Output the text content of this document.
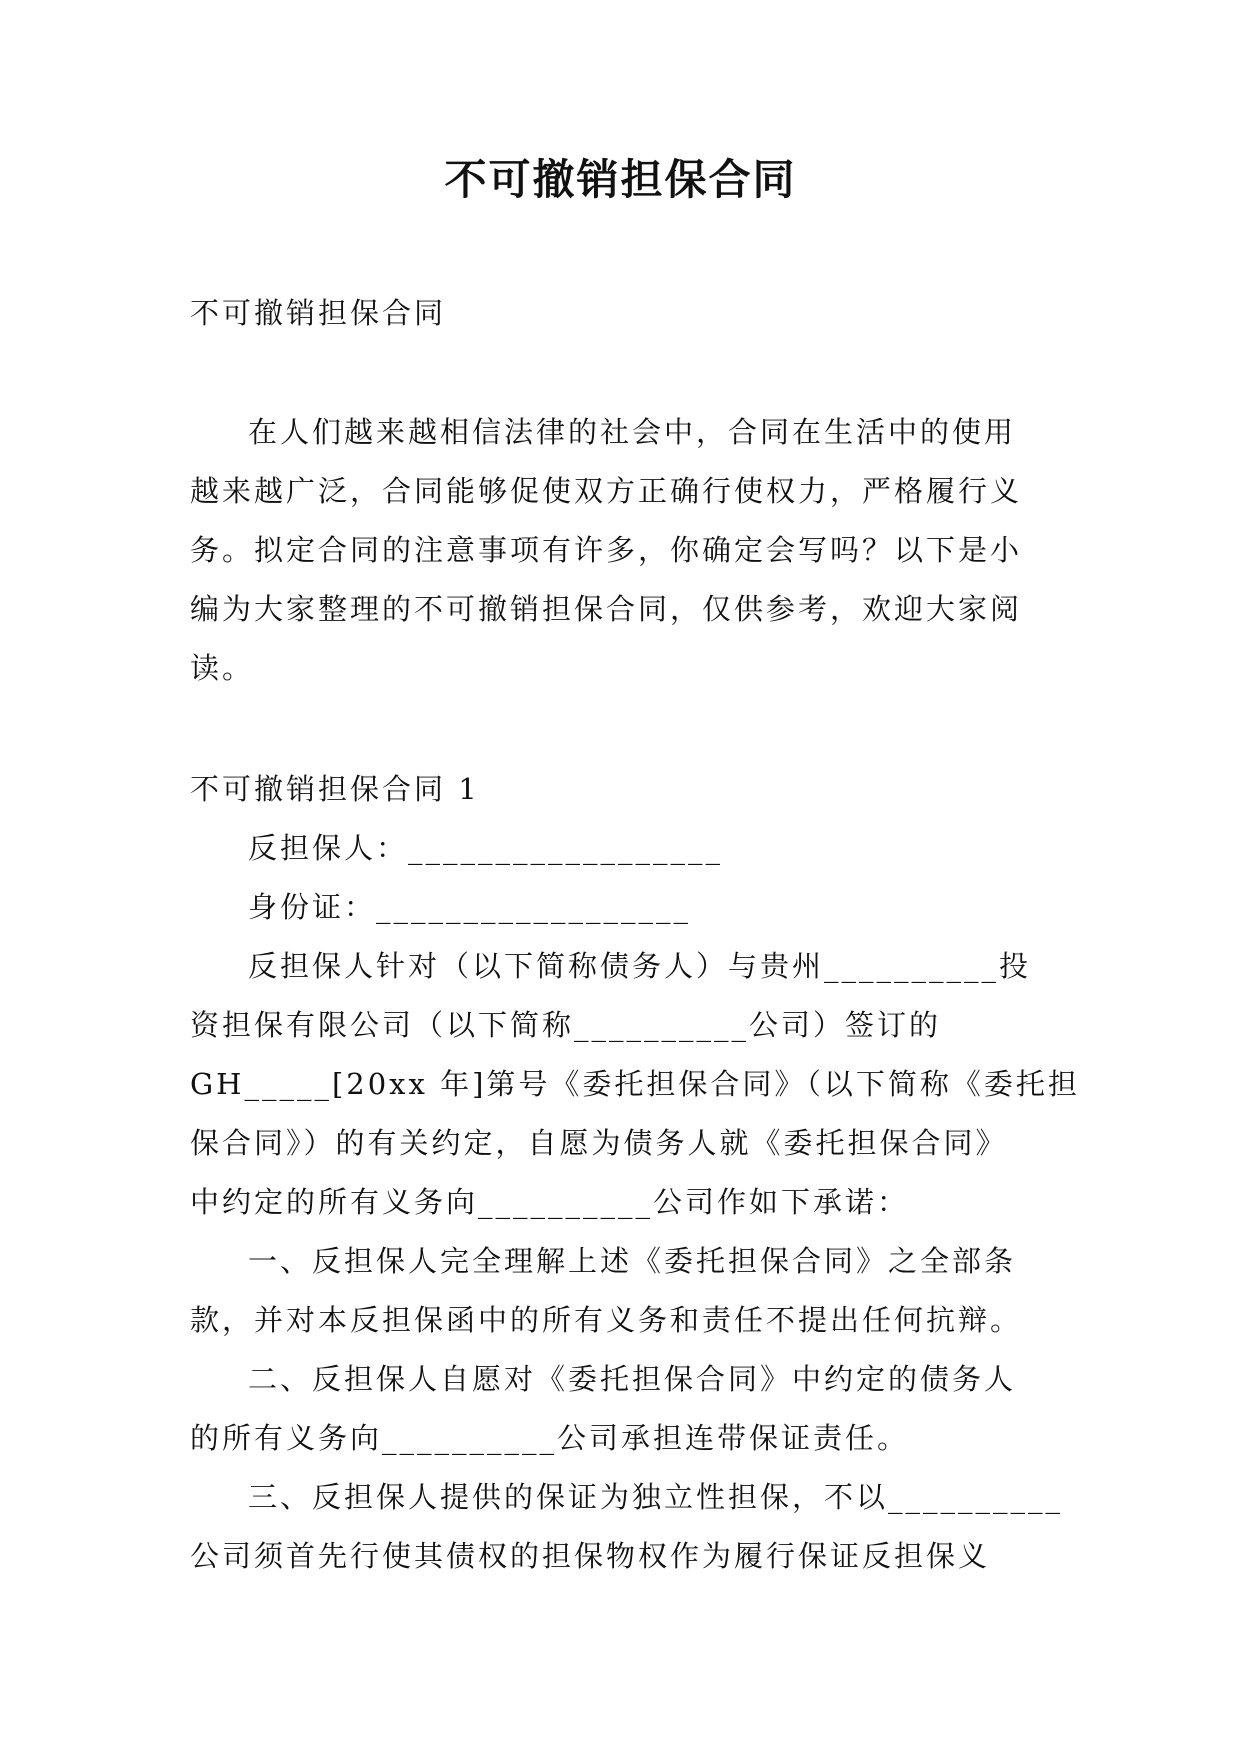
不可撤销担保合同

不可撤销担保合同

在人们越来越相信法律的社会中，合同在生活中的使用
越来越广泛，合同能够促使双方正确行使权力，严格履行义
务。拟定合同的注意事项有许多，你确定会写吗？以下是小
编为大家整理的不可撤销担保合同，仅供参考，欢迎大家阅
读。

不可撤销担保合同 1

反担保人：__________________

身份证：__________________

反担保人针对（以下简称债务人）与贵州__________投
资担保有限公司（以下简称__________公司）签订的
GH_____[20xx 年]第号《委托担保合同》（以下简称《委托担
保合同》）的有关约定，自愿为债务人就《委托担保合同》
中约定的所有义务向__________公司作如下承诺：
一、反担保人完全理解上述《委托担保合同》之全部条
款，并对本反担保函中的所有义务和责任不提出任何抗辩。
二、反担保人自愿对《委托担保合同》中约定的债务人
的所有义务向__________公司承担连带保证责任。
三、反担保人提供的保证为独立性担保，不以__________
公司须首先行使其债权的担保物权作为履行保证反担保义
